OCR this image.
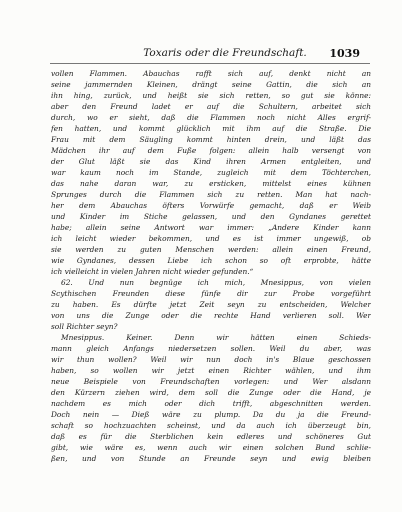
Toxaris oder die Freundschaft.	1039
vollen Flammen. Abauchas rafft sich auf, denkt nicht an
seine jammernden Kleinen, drängt seine Gattin, die sich an
ihn hing, zurück, und heißt sie sich retten, so gut sie könne:
aber den Freund ladet er auf die Schultern, arbeitet sich
durch, wo er sieht, daß die Flammen noch nicht Alles ergrif-
fen hatten, und kommt glücklich mit ihm auf die Straße. Die
Frau mit dem Säugling kommt hinten drein, und läßt das
Mädchen ihr auf dem Fuße folgen: allein halb versengt von
der Glut läßt sie das Kind ihren Armen entgleiten, und
war kaum noch im Stande, zugleich mit dem Töchterchen,
das nahe daran war, zu ersticken, mittelst eines kühnen
Sprunges durch die Flammen sich zu retten. Man hat nach-
her dem Abauchas öfters Vorwürfe gemacht, daß er Weib
und Kinder im Stiche gelassen, und den Gyndanes gerettet
habe; allein seine Antwort war immer: „Andere Kinder kann
ich leicht wieder bekommen, und es ist immer ungewiß, ob
sie werden zu guten Menschen werden: allein einen Freund,
wie Gyndanes, dessen Liebe ich schon so oft erprobte, hätte
ich vielleicht in vielen Jahren nicht wieder gefunden.“
62. Und nun begnüge ich mich, Mnesippus, von vielen
Scythischen Freunden diese fünfe dir zur Probe vorgeführt
zu haben. Es dürfte jetzt Zeit seyn zu entscheiden, Welcher
von uns die Zunge oder die rechte Hand verlieren soll. Wer
soll Richter seyn?
Mnesippus. Keiner. Denn wir hätten einen Schieds-
mann gleich Anfangs niedersetzen sollen. Weil du aber, was
wir thun wollen? Weil wir nun doch in's Blaue geschossen
haben, so wollen wir jetzt einen Richter wählen, und ihm
neue Beispiele von Freundschaften vorlegen: und Wer alsdann
den Kürzern ziehen wird, dem soll die Zunge oder die Hand, je
nachdem es mich oder dich trifft, abgeschnitten werden.
Doch nein — Dieß wäre zu plump. Da du ja die Freund-
schaft so hochzuachten scheinst, und da auch ich überzeugt bin,
daß es für die Sterblichen kein edleres und schöneres Gut
gibt, wie wäre es, wenn auch wir einen solchen Bund schlie-
ßen, und von Stunde an Freunde seyn und ewig bleiben
